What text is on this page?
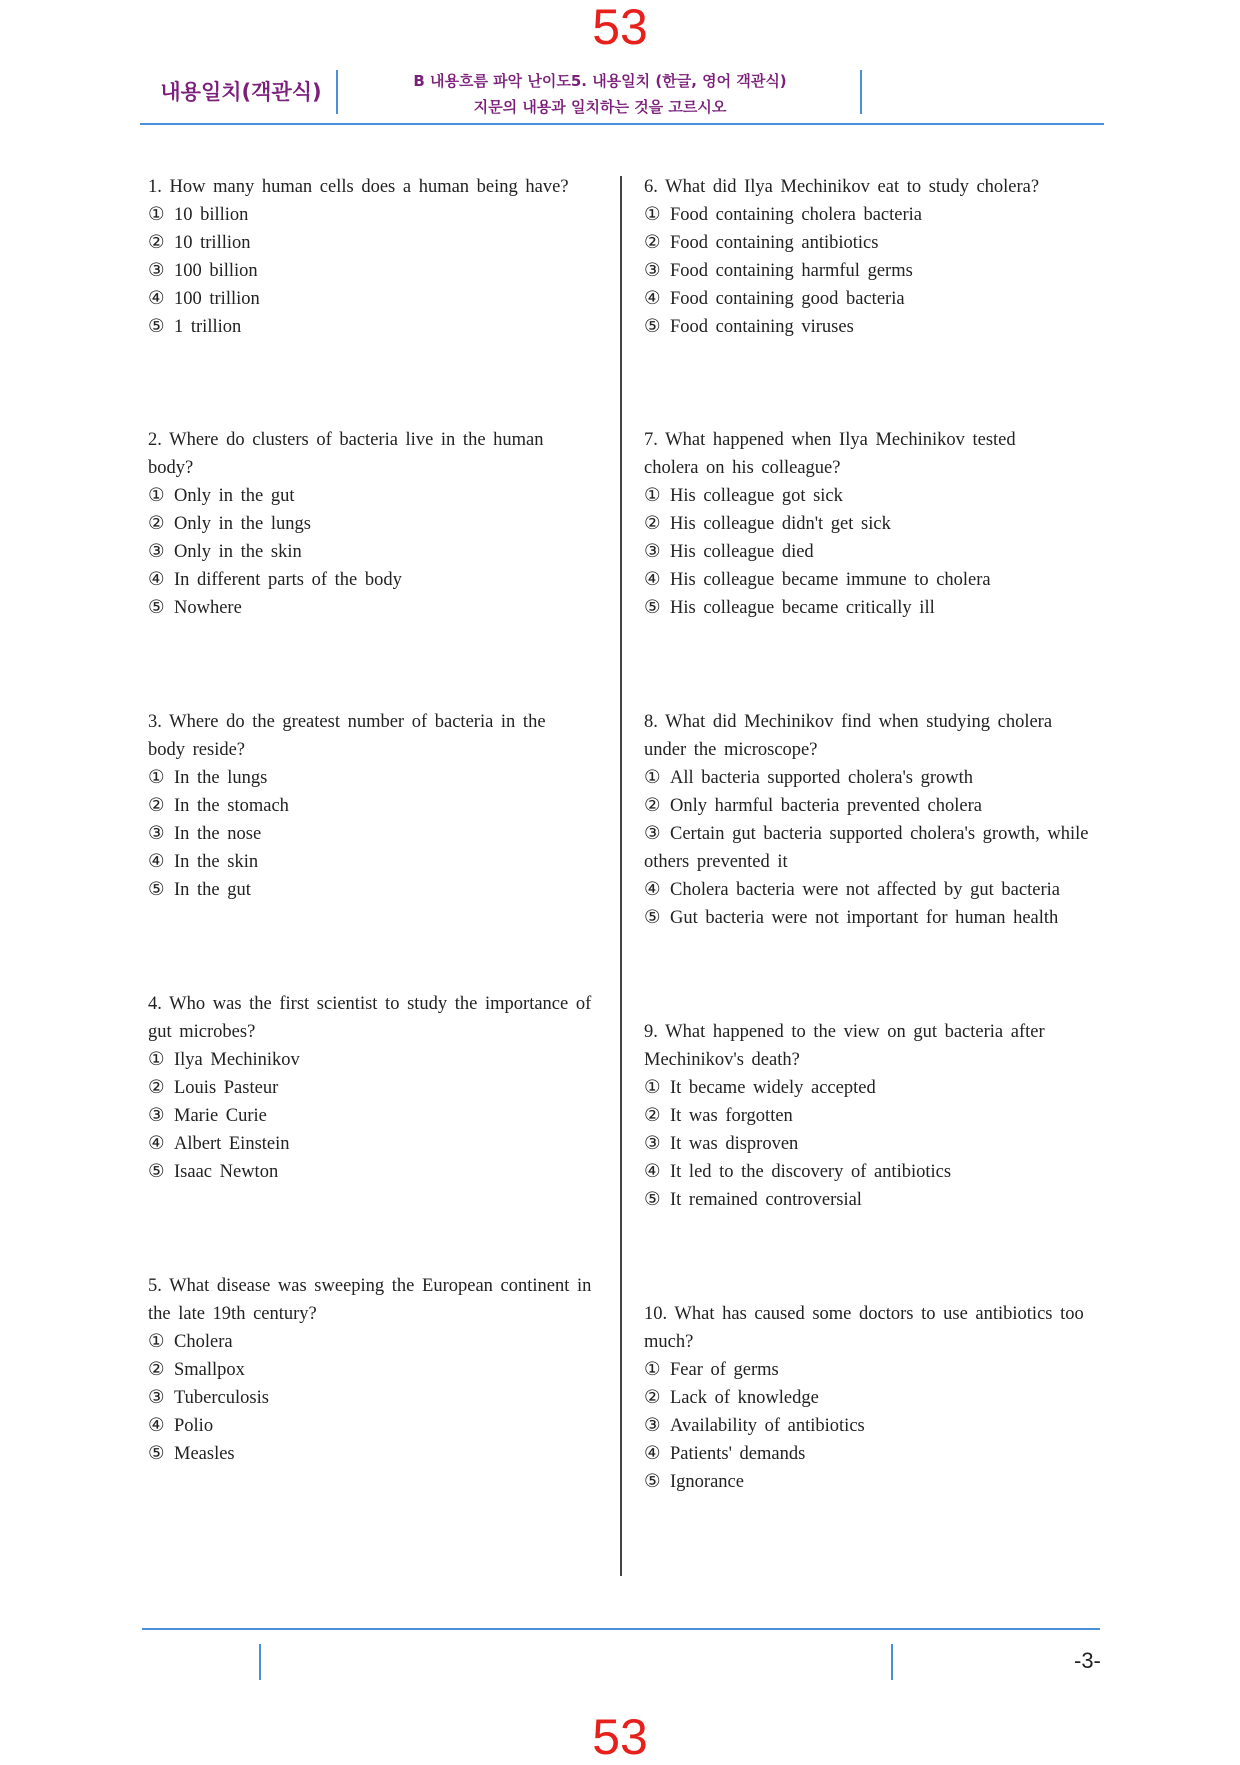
53
내용일치(객관식)	B 내용흐름 파악 난이도5. 내용일치 (한글, 영어 객관식)
지문의 내용과 일치하는 것을 고르시오

1. How many human cells does a human being have?

① 10 billion
② 10 trillion
③ 100 billion
④ 100 trillion
⑤ 1 trillion

2. Where do clusters of bacteria live in the human body?

① Only in the gut
② Only in the lungs
③ Only in the skin
④ In different parts of the body
⑤ Nowhere

3. Where do the greatest number of bacteria in the body reside?

① In the lungs
② In the stomach
③ In the nose
④ In the skin
⑤ In the gut

4. Who was the first scientist to study the importance of gut microbes?

① Ilya Mechinikov
② Louis Pasteur
③ Marie Curie
④ Albert Einstein
⑤ Isaac Newton

5. What disease was sweeping the European continent in the late 19th century?

① Cholera
② Smallpox
③ Tuberculosis
④ Polio
⑤ Measles

6. What did Ilya Mechinikov eat to study cholera?

① Food containing cholera bacteria
② Food containing antibiotics
③ Food containing harmful germs
④ Food containing good bacteria
⑤ Food containing viruses

7. What happened when Ilya Mechinikov tested cholera on his colleague?

① His colleague got sick
② His colleague didn't get sick
③ His colleague died
④ His colleague became immune to cholera
⑤ His colleague became critically ill

8. What did Mechinikov find when studying cholera under the microscope?

① All bacteria supported cholera's growth
② Only harmful bacteria prevented cholera
③ Certain gut bacteria supported cholera's growth, while others prevented it
④ Cholera bacteria were not affected by gut bacteria
⑤ Gut bacteria were not important for human health

9. What happened to the view on gut bacteria after Mechinikov's death?

① It became widely accepted
② It was forgotten
③ It was disproven
④ It led to the discovery of antibiotics
⑤ It remained controversial

10. What has caused some doctors to use antibiotics too much?

① Fear of germs
② Lack of knowledge
③ Availability of antibiotics
④ Patients' demands
⑤ Ignorance
-3-
53
